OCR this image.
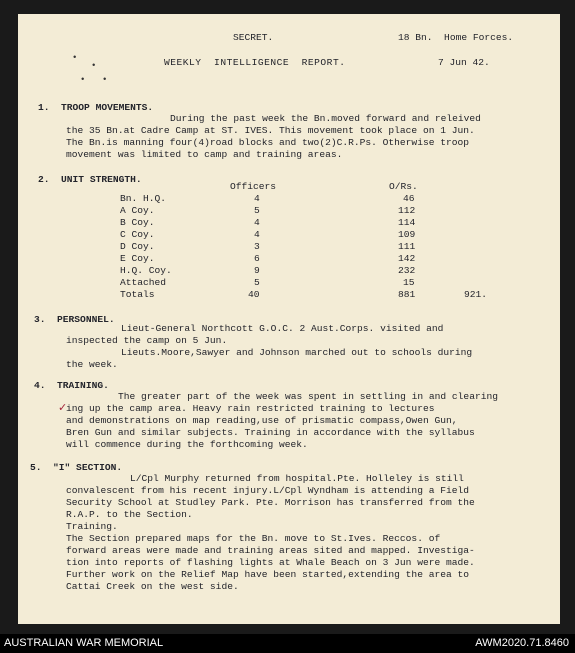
•
•
• •
SECRET.	18 Bn.  Home Forces.
WEEKLY  INTELLIGENCE  REPORT.	7 Jun 42.
1.  TROOP MOVEMENTS.
During the past week the Bn.moved forward and releived
the 35 Bn.at Cadre Camp at ST. IVES. This movement took place on 1 Jun.
The Bn.is manning four(4)road blocks and two(2)C.R.Ps. Otherwise troop
movement was limited to camp and training areas.
2.  UNIT STRENGTH.
Officers	O/Rs.
Bn. H.Q.	4	46
A Coy.	5	112
B Coy.	4	114
C Coy.	4	109
D Coy.	3	111
E Coy.	6	142
H.Q. Coy.	9	232
Attached	5	15
Totals	40	881	921.
3.  PERSONNEL.
Lieut-General Northcott G.O.C. 2 Aust.Corps. visited and
inspected the camp on 5 Jun.
Lieuts.Moore,Sawyer and Johnson marched out to schools during
the week.
4.  TRAINING.
✓
The greater part of the week was spent in settling in and clearing
ing up the camp area. Heavy rain restricted training to lectures
and demonstrations on map reading,use of prismatic compass,Owen Gun,
Bren Gun and similar subjects. Training in accordance with the syllabus
will commence during the forthcoming week.
5.  "I" SECTION.
L/Cpl Murphy returned from hospital.Pte. Holleley is still
convalescent from his recent injury.L/Cpl Wyndham is attending a Field
Security School at Studley Park. Pte. Morrison has transferred from the
R.A.P. to the Section.
Training.
The Section prepared maps for the Bn. move to St.Ives. Reccos. of
forward areas were made and training areas sited and mapped. Investiga-
tion into reports of flashing lights at Whale Beach on 3 Jun were made.
Further work on the Relief Map have been started,extending the area to
Cattai Creek on the west side.
AUSTRALIAN WAR MEMORIAL	AWM2020.71.8460
